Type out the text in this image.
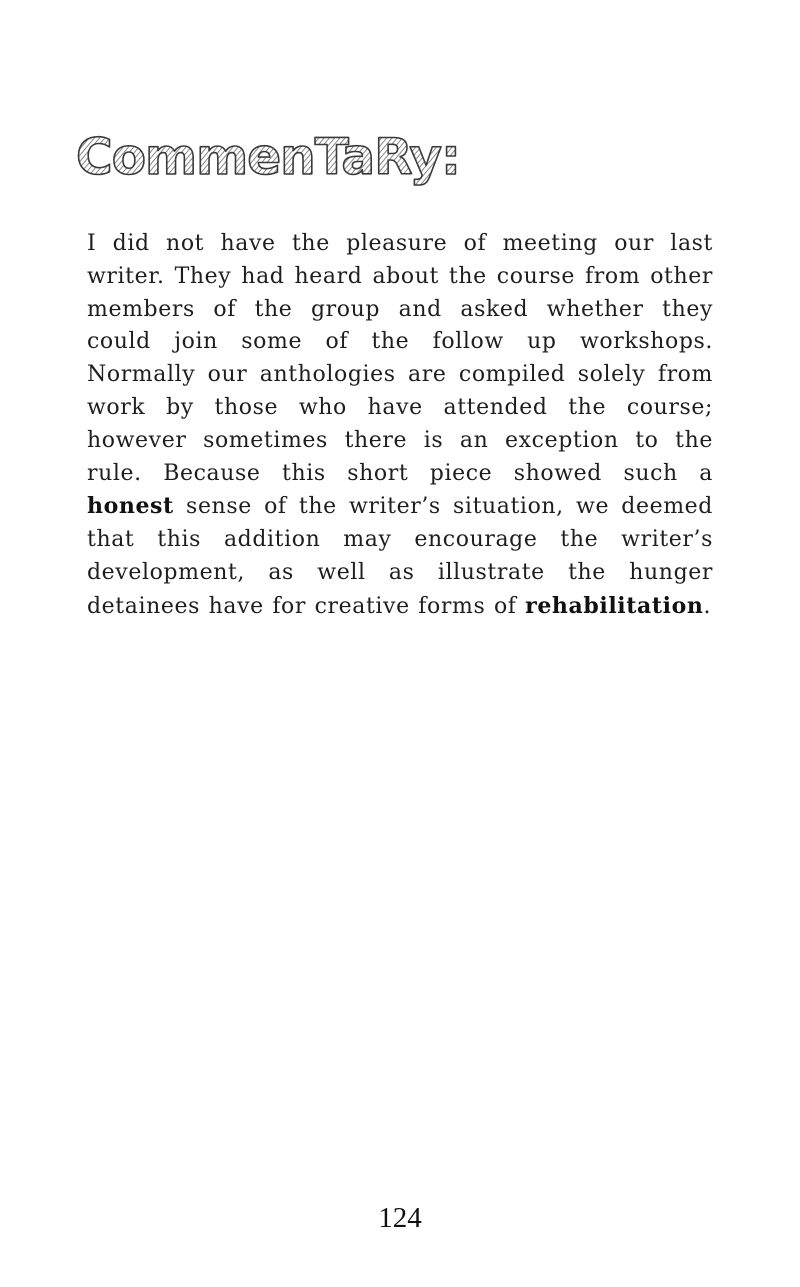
CommenTaRy:

I did not have the pleasure of meeting our last writer. They had heard about the course from other members of the group and asked whether they could join some of the follow up workshops. Normally our anthologies are compiled solely from work by those who have attended the course; however sometimes there is an exception to the rule. Because this short piece showed such a honest sense of the writer’s situation, we deemed that this addition may encourage the writer’s development, as well as illustrate the hunger detainees have for creative forms of rehabilitation.

124
